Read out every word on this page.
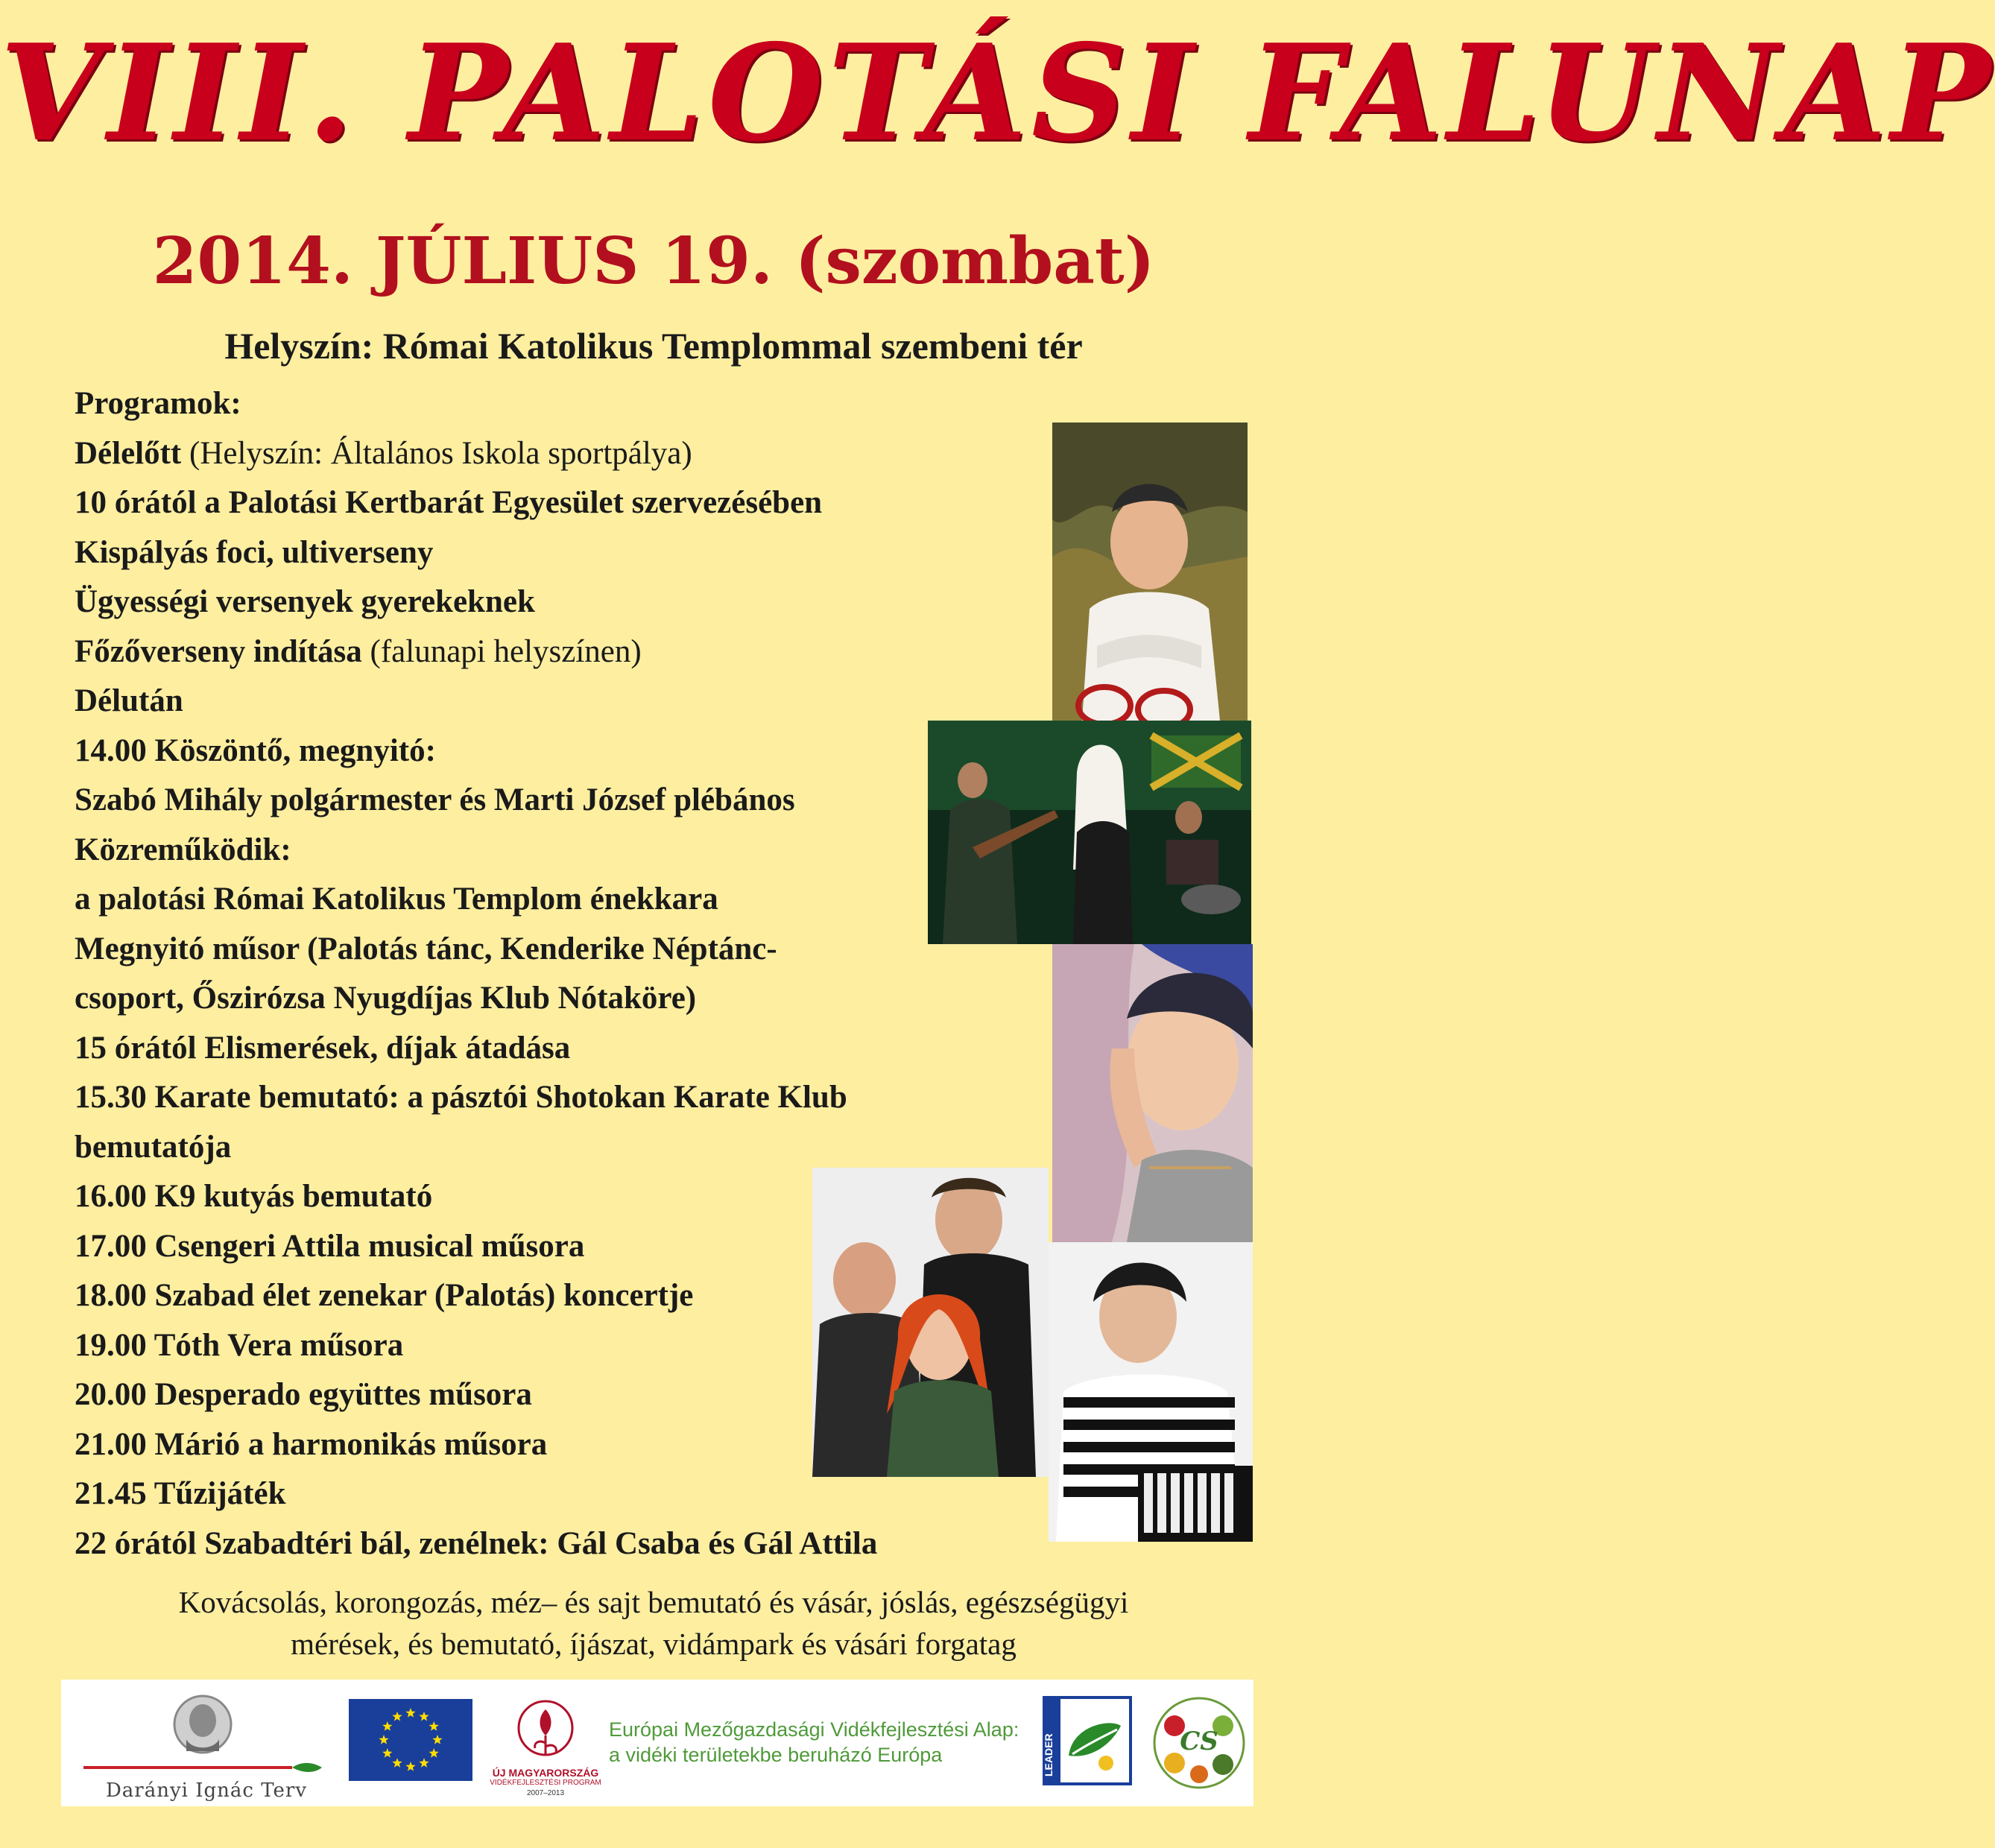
VIII. PALOTÁSI FALUNAP
2014. JÚLIUS 19. (szombat)
Helyszín: Római Katolikus Templommal szembeni tér
Programok:
Délelőtt (Helyszín: Általános Iskola sportpálya)
10 órától a Palotási Kertbarát Egyesület szervezésében
Kispályás foci, ultiverseny
Ügyességi versenyek gyerekeknek
Főzőverseny indítása (falunapi helyszínen)
Délután
14.00 Köszöntő, megnyitó:
Szabó Mihály polgármester és Marti József plébános
Közreműködik:
a palotási Római Katolikus Templom énekkara
Megnyitó műsor (Palotás tánc, Kenderike Néptánc-
csoport, Őszirózsa Nyugdíjas Klub Nótaköre)
15 órától Elismerések, díjak átadása
15.30 Karate bemutató: a pásztói Shotokan Karate Klub
bemutatója
16.00 K9 kutyás bemutató
17.00 Csengeri Attila musical műsora
18.00 Szabad élet zenekar (Palotás) koncertje
19.00 Tóth Vera műsora
20.00 Desperado együttes műsora
21.00 Márió a harmonikás műsora
21.45 Tűzijáték
22 órától Szabadtéri bál, zenélnek: Gál Csaba és Gál Attila
Kovácsolás, korongozás, méz– és sajt bemutató és vásár, jóslás, egészségügyi
mérések, és bemutató, íjászat, vidámpark és vásári forgatag
Darányi Ignác Terv
ÚJ MAGYARORSZÁG
VIDÉKFEJLESZTÉSI PROGRAM
2007–2013
Európai Mezőgazdasági Vidékfejlesztési Alap:
a vidéki területekbe beruházó Európa	LEADER	CS
